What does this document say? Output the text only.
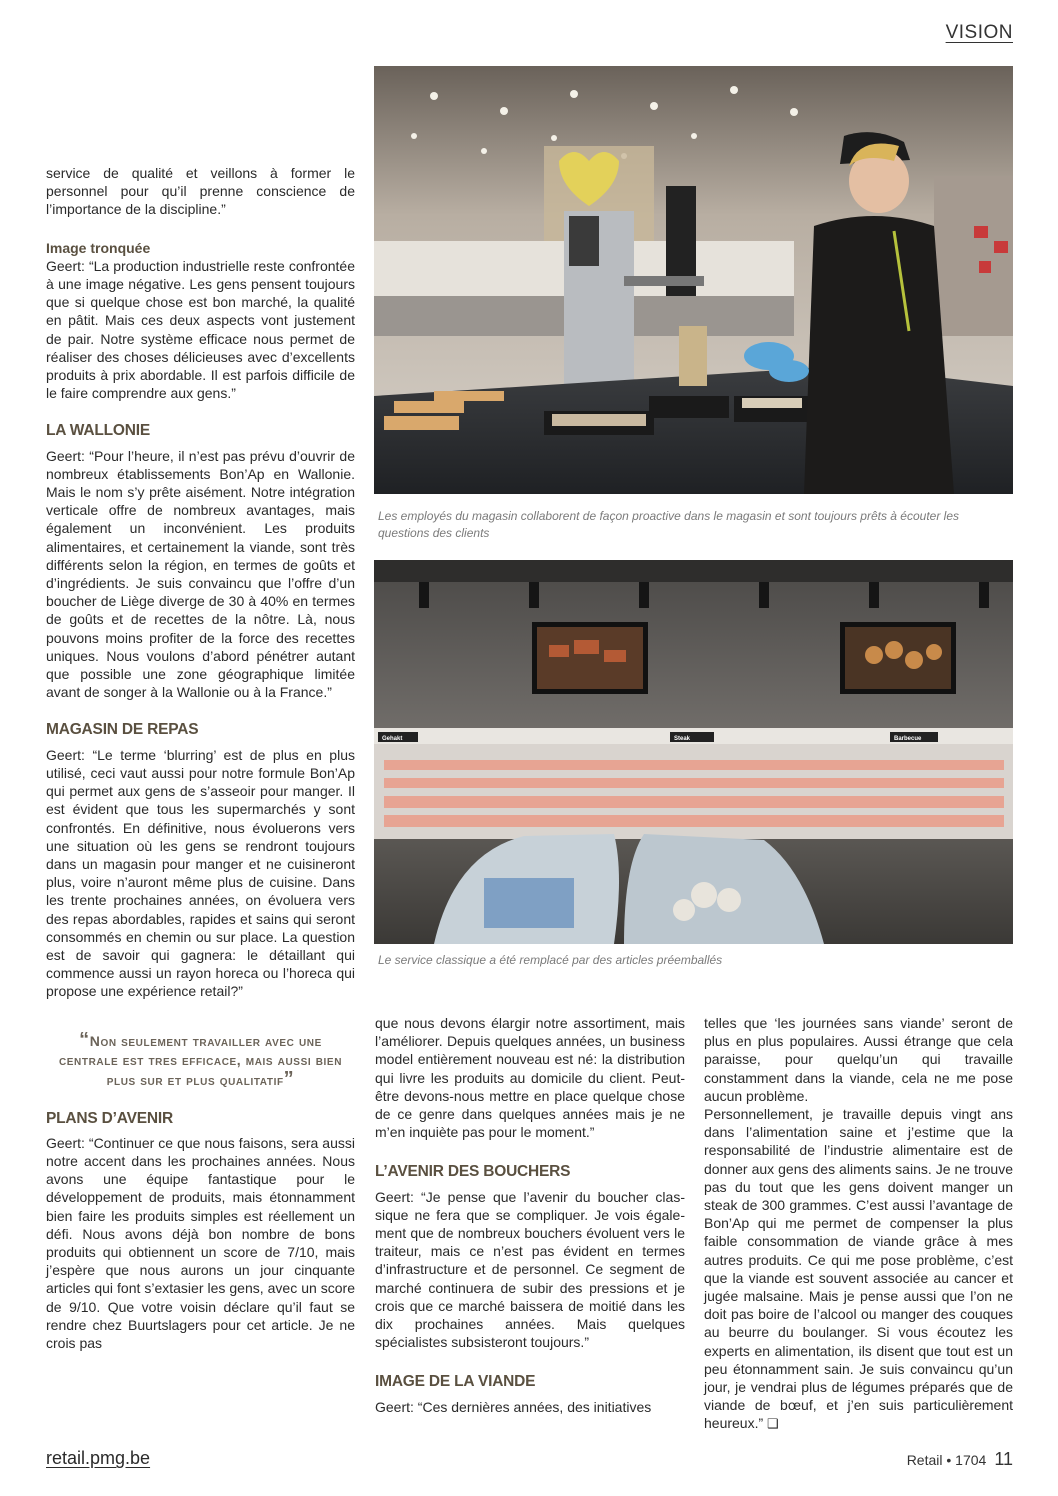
VISION

service de qualité et veillons à former le personnel pour qu’il prenne conscience de l’importance de la discipline.”

Image tronquée

Geert: “La production industrielle reste confrontée à une image négative. Les gens pensent toujours que si quelque chose est bon marché, la qualité en pâtit. Mais ces deux aspects vont justement de pair. Notre système efficace nous permet de réaliser des choses délicieuses avec d’excellents produits à prix abordable. Il est parfois difficile de le faire comprendre aux gens.”

LA WALLONIE

Geert: “Pour l’heure, il n’est pas prévu d’ouvrir de nombreux établissements Bon’Ap en Wallonie. Mais le nom s’y prête aisément. Notre intégration verticale offre de nombreux avantages, mais également un inconvénient. Les produits alimentaires, et certainement la viande, sont très différents selon la région, en termes de goûts et d’ingrédients. Je suis convaincu que l’offre d’un boucher de Liège diverge de 30 à 40% en termes de goûts et de recettes de la nôtre. Là, nous pouvons moins profiter de la force des recettes uniques. Nous voulons d’abord pénétrer autant que possible une zone géographique limitée avant de songer à la Wallonie ou à la France.”

MAGASIN DE REPAS

Geert: “Le terme ‘blurring’ est de plus en plus utilisé, ceci vaut aussi pour notre formule Bon’Ap qui permet aux gens de s’asseoir pour manger. Il est évident que tous les supermarchés y sont confrontés. En définitive, nous évoluerons vers une situation où les gens se rendront toujours dans un magasin pour manger et ne cuisineront plus, voire n’auront même plus de cuisine. Dans les trente prochaines années, on évoluera vers des repas abordables, rapides et sains qui seront consommés en chemin ou sur place. La question est de savoir qui gagnera: le détaillant qui commence aussi un rayon horeca ou l’horeca qui propose une expérience retail?”

“Non seulement travailler avec une centrale est tres efficace, mais aussi bien plus sur et plus qualitatif”
PLANS D’AVENIR

Geert: “Continuer ce que nous faisons, sera aussi notre accent dans les prochaines années. Nous avons une équipe fantastique pour le développement de produits, mais étonnamment bien faire les produits simples est réellement un défi. Nous avons déjà bon nombre de bons produits qui obtiennent un score de 7/10, mais j’espère que nous aurons un jour cinquante articles qui font s’extasier les gens, avec un score de 9/10. Que votre voisin déclare qu’il faut se rendre chez Buurtslagers pour cet article. Je ne crois pas

Les employés du magasin collaborent de façon proactive dans le magasin et sont toujours prêts à écouter les questions des clients
Gehakt	Steak	Barbecue
Le service classique a été remplacé par des articles préemballés

que nous devons élargir notre assortiment, mais l’améliorer. Depuis quelques années, un business model entièrement nouveau est né: la distribution qui livre les produits au domicile du client. Peut-être devons-nous mettre en place quelque chose de ce genre dans quelques années mais je ne m’en inquiète pas pour le moment.”

L’AVENIR DES BOUCHERS

Geert: “Je pense que l’avenir du boucher classique ne fera que se compliquer. Je vois également que de nombreux bouchers évoluent vers le traiteur, mais ce n’est pas évident en termes d’infrastructure et de personnel. Ce segment de marché continuera de subir des pressions et je crois que ce marché baissera de moitié dans les dix prochaines années. Mais quelques spécialistes subsisteront toujours.”

IMAGE DE LA VIANDE

Geert: “Ces dernières années, des initiatives

telles que ‘les journées sans viande’ seront de plus en plus populaires. Aussi étrange que cela paraisse, pour quelqu’un qui travaille constamment dans la viande, cela ne me pose aucun problème.

Personnellement, je travaille depuis vingt ans dans l’alimentation saine et j’estime que la responsabilité de l’industrie alimentaire est de donner aux gens des aliments sains. Je ne trouve pas du tout que les gens doivent manger un steak de 300 grammes. C’est aussi l’avantage de Bon’Ap qui me permet de compenser la plus faible consommation de viande grâce à mes autres produits. Ce qui me pose problème, c’est que la viande est souvent associée au cancer et jugée malsaine. Mais je pense aussi que l’on ne doit pas boire de l’alcool ou manger des couques au beurre du boulanger. Si vous écoutez les experts en alimentation, ils disent que tout est un peu étonnamment sain. Je suis convaincu qu’un jour, je vendrai plus de légumes préparés que de viande de bœuf, et j’en suis particulièrement heureux.” ❑

retail.pmg.be	Retail • 1704 11
